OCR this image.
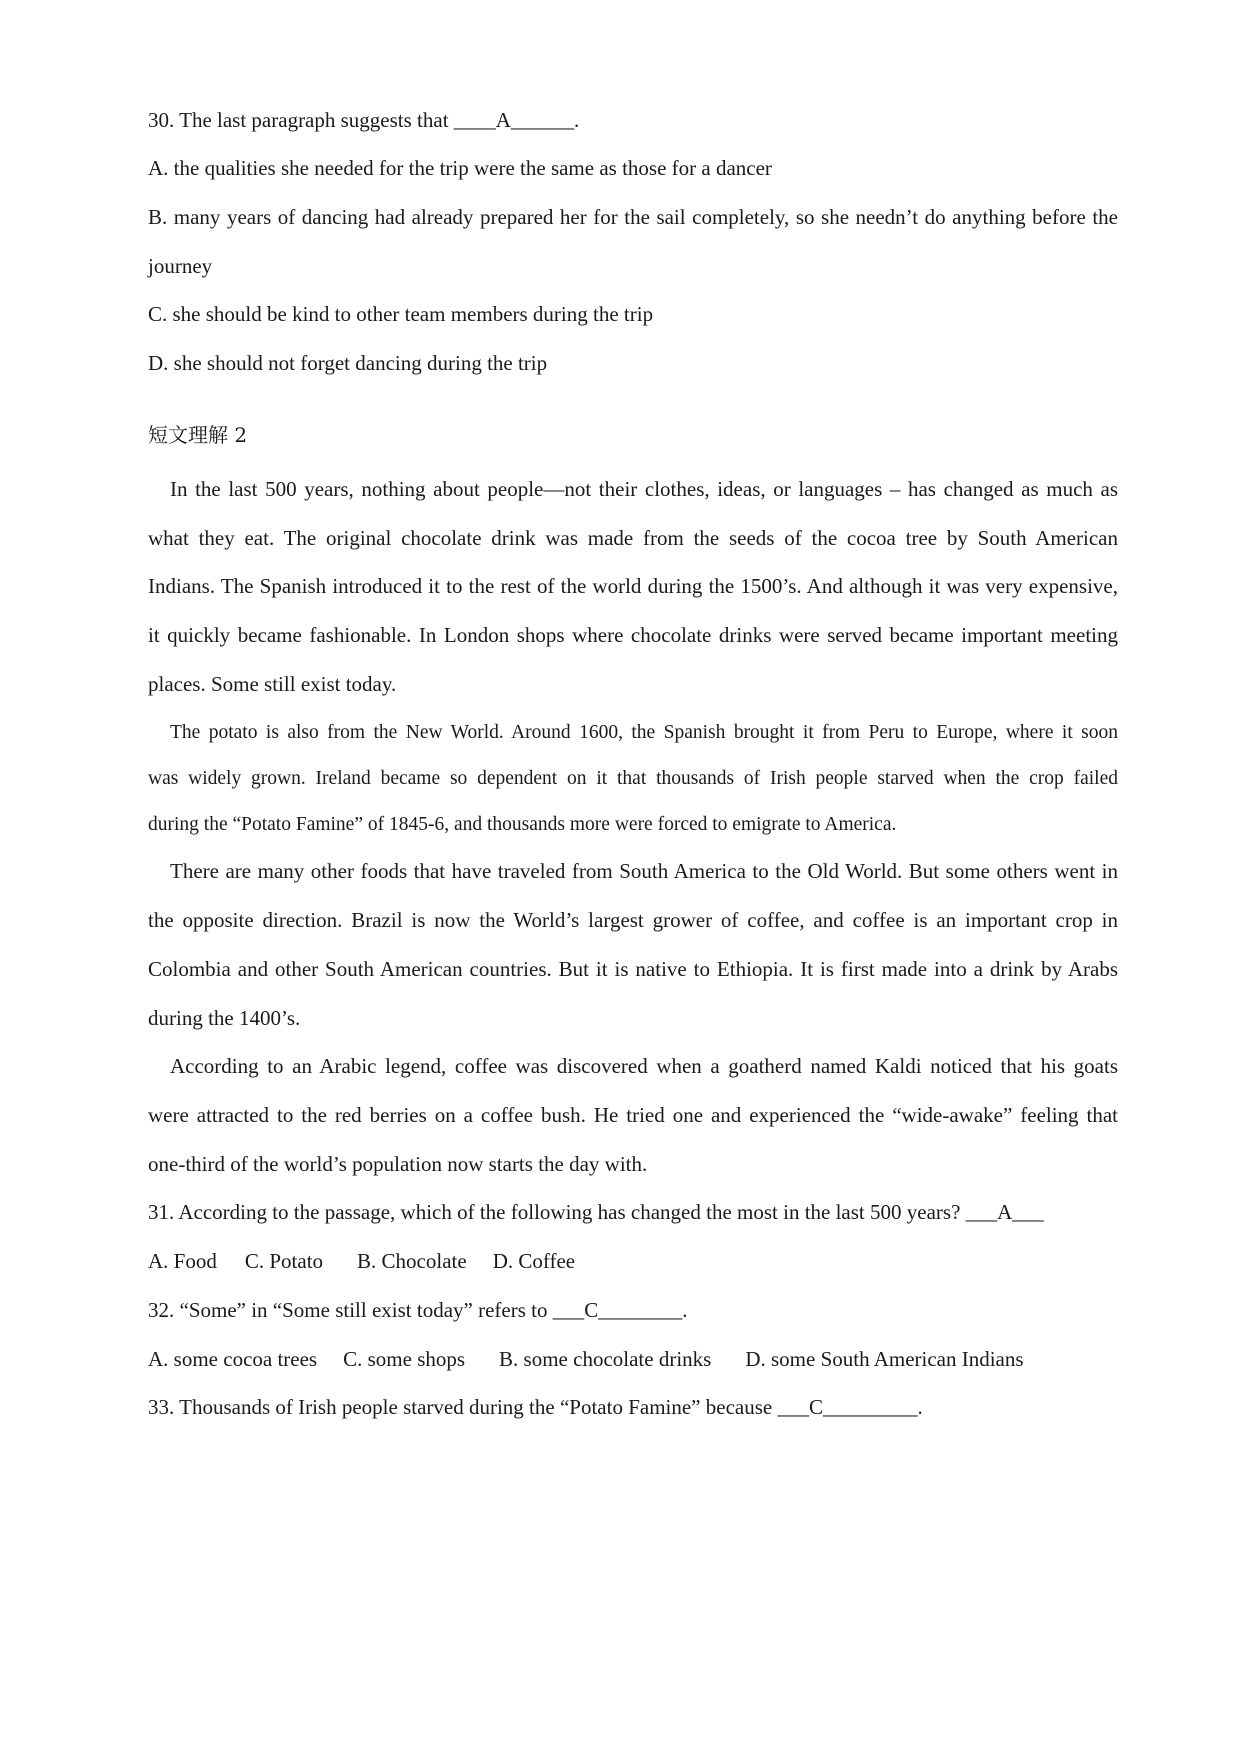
30. The last paragraph suggests that ____A______.
A. the qualities she needed for the trip were the same as those for a dancer
B. many years of dancing had already prepared her for the sail completely, so she needn’t do anything before the
journey
C. she should be kind to other team members during the trip
D. she should not forget dancing during the trip
短文理解 2
In the last 500 years, nothing about people—not their clothes, ideas, or languages – has changed as much as
what they eat. The original chocolate drink was made from the seeds of the cocoa tree by South American
Indians. The Spanish introduced it to the rest of the world during the 1500’s. And although it was very expensive,
it quickly became fashionable. In London shops where chocolate drinks were served became important meeting
places. Some still exist today.
The potato is also from the New World. Around 1600, the Spanish brought it from Peru to Europe, where it soon
was widely grown. Ireland became so dependent on it that thousands of Irish people starved when the crop failed
during the “Potato Famine” of 1845-6, and thousands more were forced to emigrate to America.
There are many other foods that have traveled from South America to the Old World. But some others went in
the opposite direction. Brazil is now the World’s largest grower of coffee, and coffee is an important crop in
Colombia and other South American countries. But it is native to Ethiopia. It is first made into a drink by Arabs
during the 1400’s.
According to an Arabic legend, coffee was discovered when a goatherd named Kaldi noticed that his goats
were attracted to the red berries on a coffee bush. He tried one and experienced the “wide-awake” feeling that
one-third of the world’s population now starts the day with.
31. According to the passage, which of the following has changed the most in the last 500 years? ___A___
A. Food C. Potato B. Chocolate D. Coffee
32. “Some” in “Some still exist today” refers to ___C________.
A. some cocoa trees C. some shops B. some chocolate drinks D. some South American Indians
33. Thousands of Irish people starved during the “Potato Famine” because ___C_________.
